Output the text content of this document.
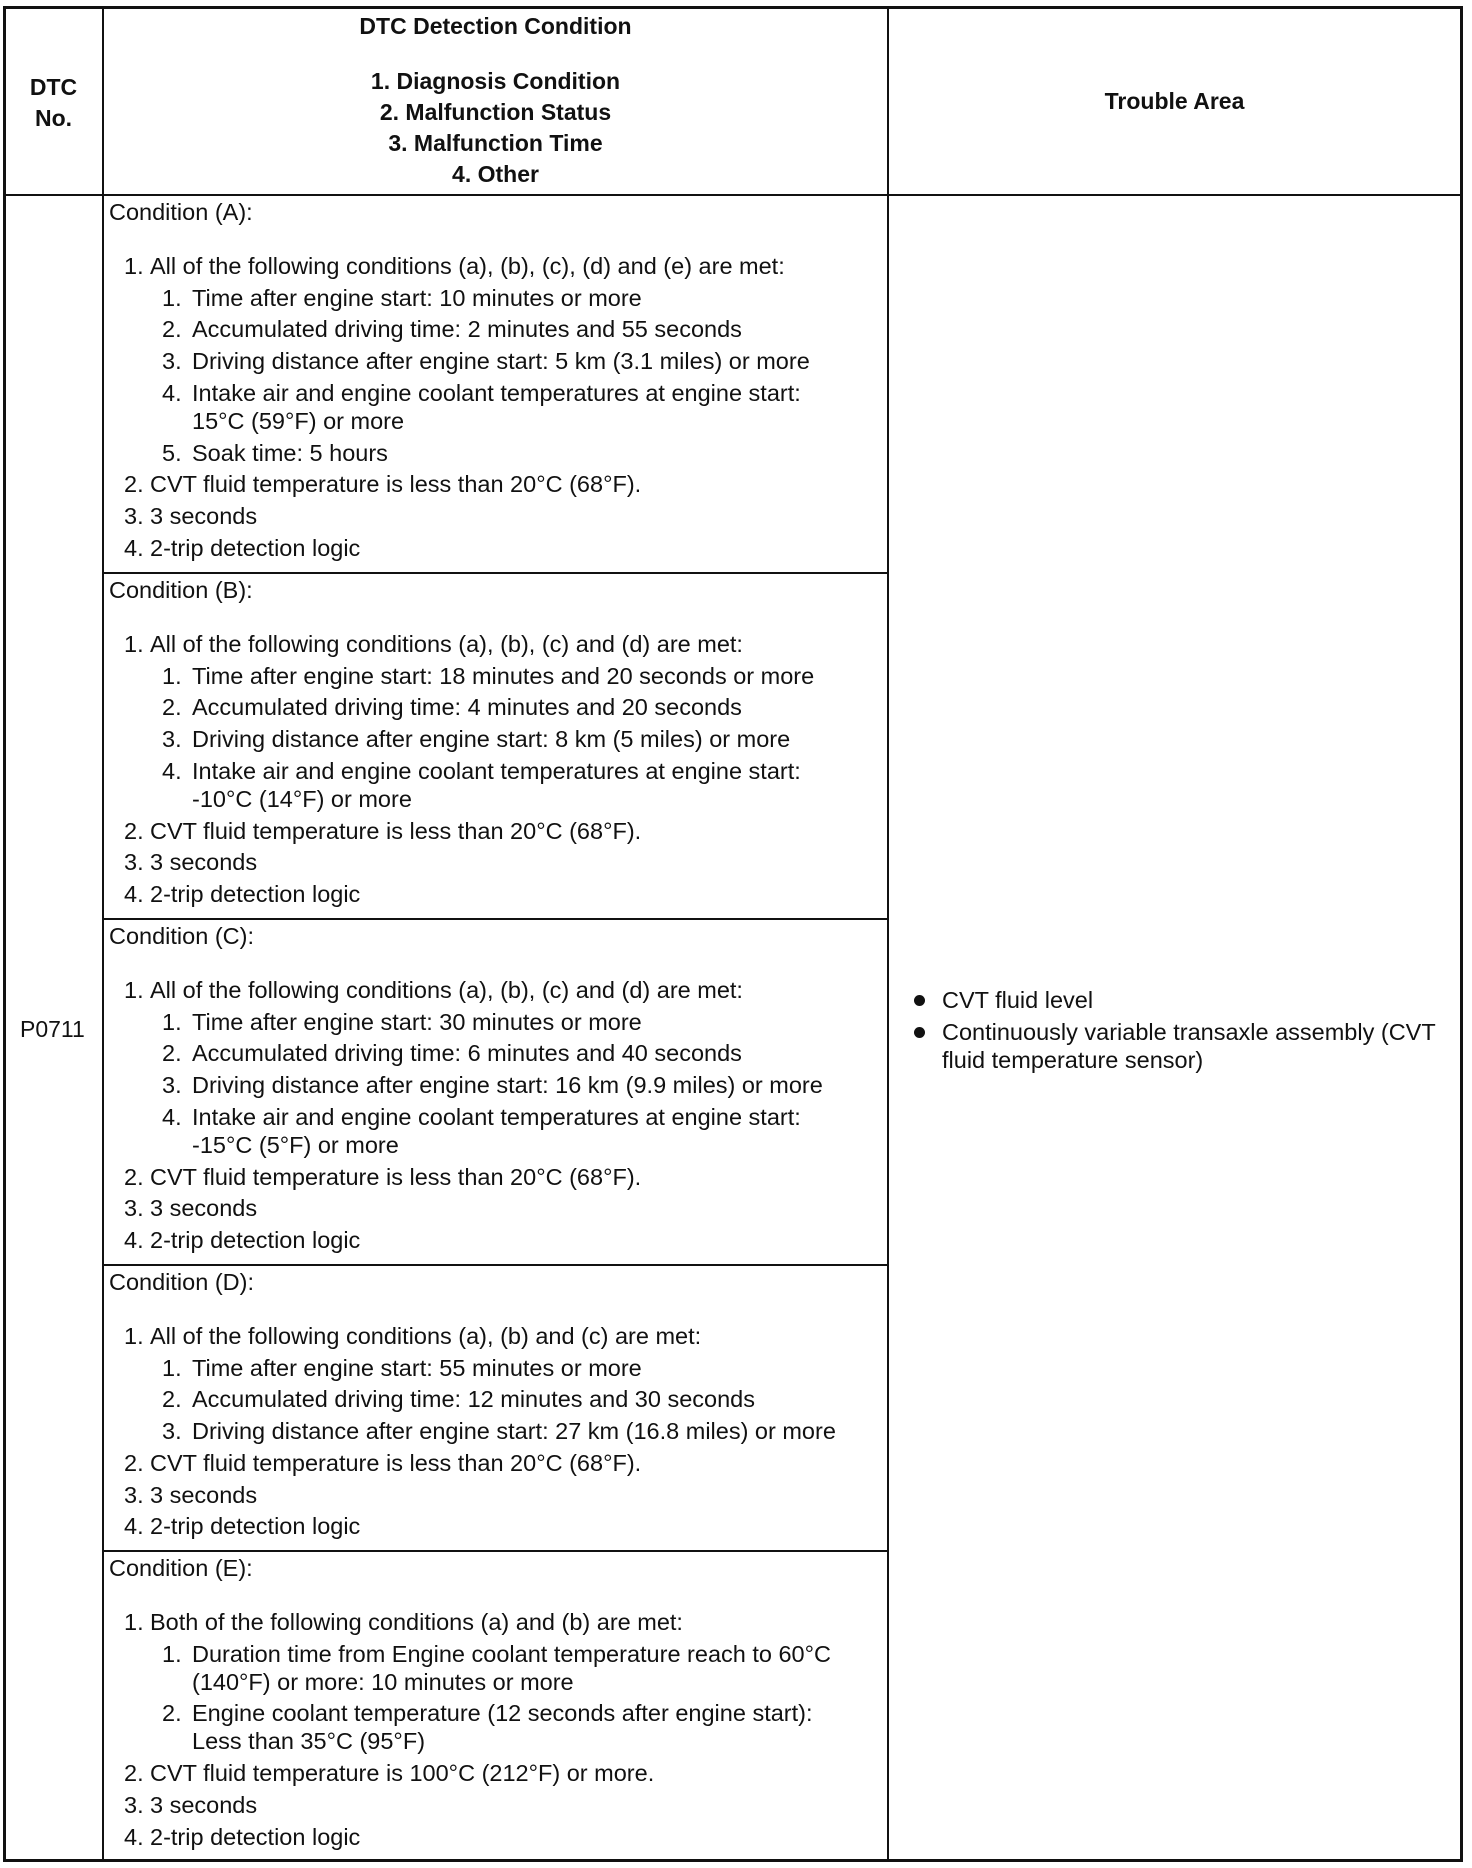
DTC
No.
DTC Detection Condition
1. Diagnosis Condition
2. Malfunction Status
3. Malfunction Time
4. Other
Trouble Area
P0711
Condition (A):
1. All of the following conditions (a), (b), (c), (d) and (e) are met:
1. Time after engine start: 10 minutes or more
2. Accumulated driving time: 2 minutes and 55 seconds
3. Driving distance after engine start: 5 km (3.1 miles) or more
4. Intake air and engine coolant temperatures at engine start:
15°C (59°F) or more
5. Soak time: 5 hours
2. CVT fluid temperature is less than 20°C (68°F).
3. 3 seconds
4. 2-trip detection logic
Condition (B):
1. All of the following conditions (a), (b), (c) and (d) are met:
1. Time after engine start: 18 minutes and 20 seconds or more
2. Accumulated driving time: 4 minutes and 20 seconds
3. Driving distance after engine start: 8 km (5 miles) or more
4. Intake air and engine coolant temperatures at engine start:
-10°C (14°F) or more
2. CVT fluid temperature is less than 20°C (68°F).
3. 3 seconds
4. 2-trip detection logic
Condition (C):
1. All of the following conditions (a), (b), (c) and (d) are met:
1. Time after engine start: 30 minutes or more
2. Accumulated driving time: 6 minutes and 40 seconds
3. Driving distance after engine start: 16 km (9.9 miles) or more
4. Intake air and engine coolant temperatures at engine start:
-15°C (5°F) or more
2. CVT fluid temperature is less than 20°C (68°F).
3. 3 seconds
4. 2-trip detection logic
Condition (D):
1. All of the following conditions (a), (b) and (c) are met:
1. Time after engine start: 55 minutes or more
2. Accumulated driving time: 12 minutes and 30 seconds
3. Driving distance after engine start: 27 km (16.8 miles) or more
2. CVT fluid temperature is less than 20°C (68°F).
3. 3 seconds
4. 2-trip detection logic
Condition (E):
1. Both of the following conditions (a) and (b) are met:
1. Duration time from Engine coolant temperature reach to 60°C
(140°F) or more: 10 minutes or more
2. Engine coolant temperature (12 seconds after engine start):
Less than 35°C (95°F)
2. CVT fluid temperature is 100°C (212°F) or more.
3. 3 seconds
4. 2-trip detection logic
CVT fluid level
Continuously variable transaxle assembly (CVT
fluid temperature sensor)
